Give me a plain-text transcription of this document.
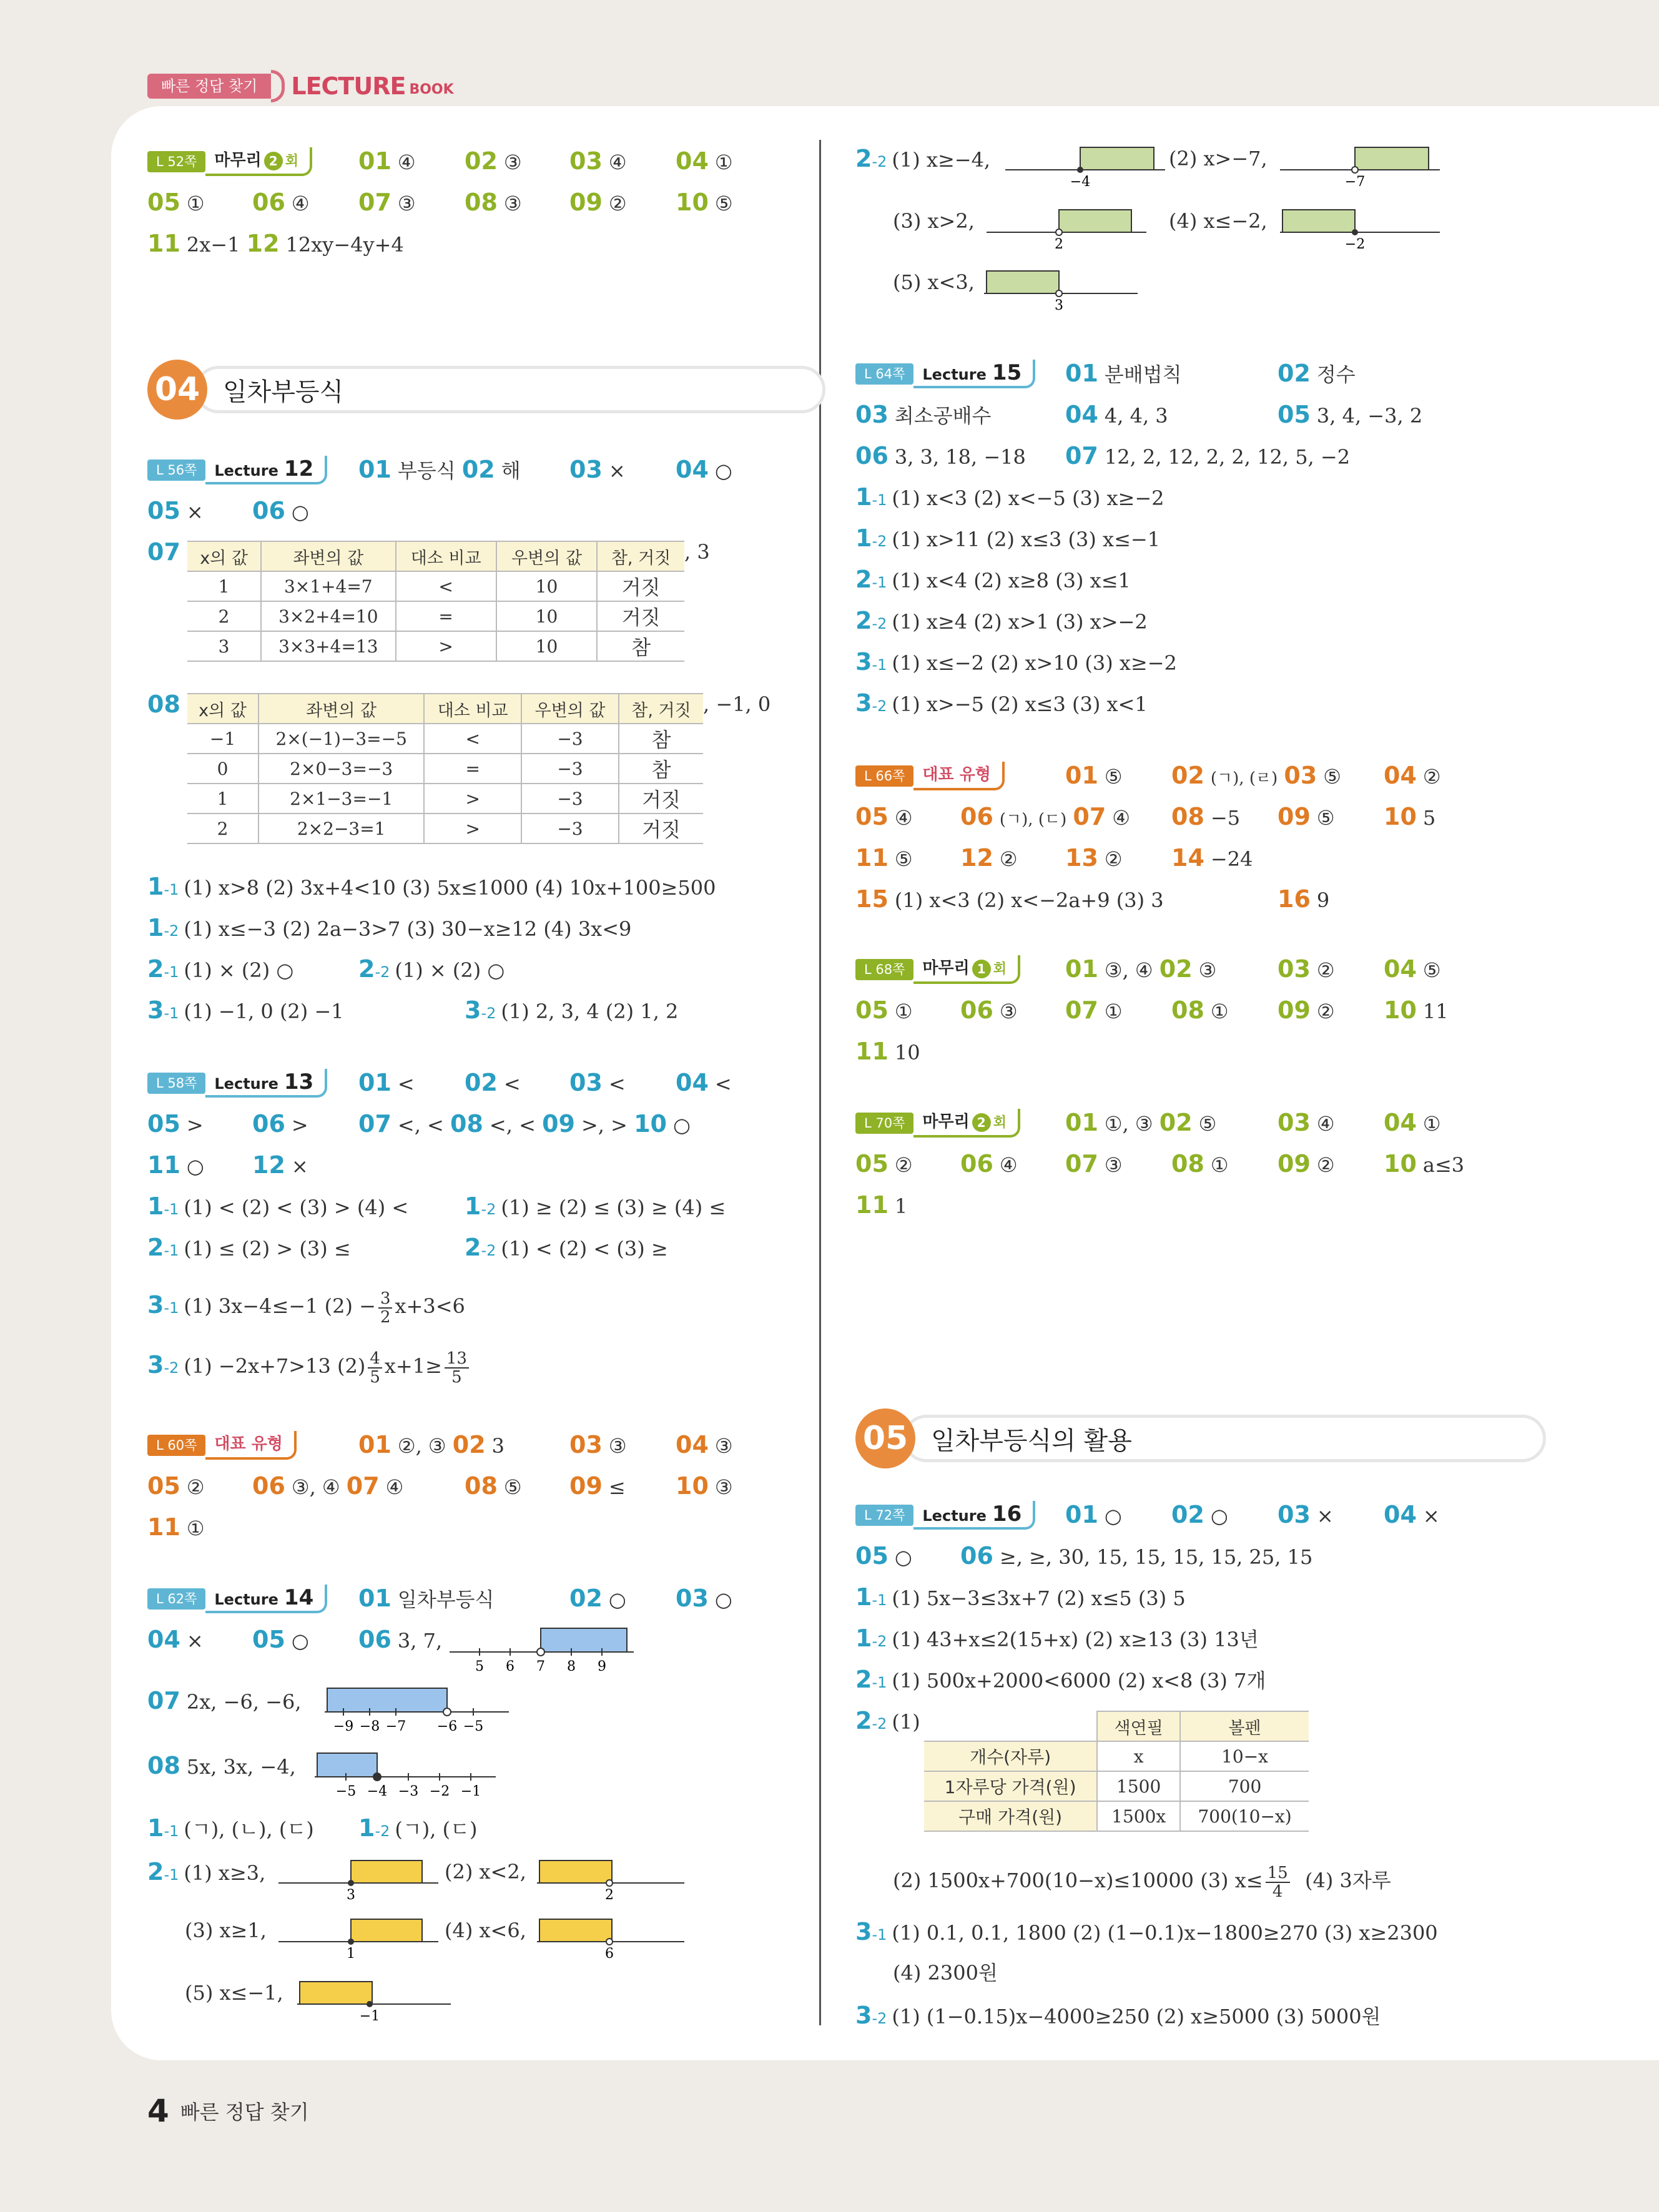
빠른 정답 찾기	LECTURE BOOK
L 52쪽	마무리 2 회	01 ④ 02 ③ 03 ④ 04 ①
05 ① 06 ④ 07 ③ 08 ③ 09 ② 10 ⑤
11 2x−1 12 12xy−4y+4
04 일차부등식
L 56쪽	Lecture 12	01 부등식 02 해 03 × 04 ○
05 × 06 ○
07	x의 값	좌변의 값	대소 비교	우변의 값	참, 거짓
1	3×1+4=7	<	10	거짓
2	3×2+4=10	=	10	거짓
3	3×3+4=13	>	10	참
, 3
08	x의 값	좌변의 값	대소 비교	우변의 값	참, 거짓
−1	2×(−1)−3=−5	<	−3	참
0	2×0−3=−3	=	−3	참
1	2×1−3=−1	>	−3	거짓
2	2×2−3=1	>	−3	거짓
, −1, 0
1-1 (1) x>8 (2) 3x+4<10 (3) 5x≤1000 (4) 10x+100≥500
1-2 (1) x≤−3 (2) 2a−3>7 (3) 30−x≥12 (4) 3x<9
2-1 (1) × (2) ○	2-2 (1) × (2) ○
3-1 (1) −1, 0 (2) −1	3-2 (1) 2, 3, 4 (2) 1, 2
L 58쪽	Lecture 13	01 < 02 < 03 < 04 <
05 > 06 > 07 <, < 08 <, < 09 >, > 10 ○
11 ○ 12 ×
1-1 (1) < (2) < (3) > (4) < 1-2 (1) ≥ (2) ≤ (3) ≥ (4) ≤
2-1 (1) ≤ (2) > (3) ≤	2-2 (1) < (2) < (3) ≥
3-1 (1) 3x−4≤−1 $(2) - \frac{3}{2} x+3<6$
3-2 (1) −2x+7>13 $(2) \frac{4}{5} x+1\ge \frac{13}{5}$
L 60쪽	대표 유형	01 ②, ③ 02 3	03 ③ 04 ③
05 ② 06 ③, ④ 07 ④	08 ⑤ 09 ≤ 10 ③
11 ①
L 62쪽	Lecture 14	01 일차부등식	02 ○ 03 ○
04 × 05 ○ 06 3, 7,
5 6 7 8 9
07 2x, −6, −6,
−9 −8 −7 −6 −5
08 5x, 3x, −4,
−5 −4 −3 −2 −1
1-1 (ㄱ), (ㄴ), (ㄷ) 1-2 (ㄱ), (ㄷ)
2-1 (1) x≥3,
3
(2) x<2,
2
(3) x≥1,
1
(4) x<6,
6
(5) x≤−1,
−1
2-2 (1) x≥−4,
−4
(2) x>−7,
−7
(3) x>2,
2
(4) x≤−2,
−2
(5) x<3,
3
L 64쪽	Lecture 15	01 분배법칙	02 정수
03 최소공배수	04 4, 4, 3	05 3, 4, −3, 2
06 3, 3, 18, −18 07 12, 2, 12, 2, 2, 12, 5, −2
1-1 (1) x<3 (2) x<−5 (3) x≥−2
1-2 (1) x>11 (2) x≤3 (3) x≤−1
2-1 (1) x<4 (2) x≥8 (3) x≤1
2-2 (1) x≥4 (2) x>1 (3) x>−2
3-1 (1) x≤−2 (2) x>10 (3) x≥−2
3-2 (1) x>−5 (2) x≤3 (3) x<1
L 66쪽	대표 유형	01 ⑤ 02 (ㄱ), (ㄹ) 03 ⑤ 04 ②
05 ④ 06 (ㄱ), (ㄷ) 07 ④ 08 −5 09 ⑤ 10 5
11 ⑤ 12 ② 13 ② 14 −24
15 (1) x<3 (2) x<−2a+9 (3) 3	16 9
L 68쪽	마무리 1 회	01 ③, ④ 02 ③	03 ② 04 ⑤
05 ① 06 ③ 07 ① 08 ① 09 ② 10 11
11 10
L 70쪽	마무리 2 회	01 ①, ③ 02 ⑤	03 ④ 04 ①
05 ② 06 ④ 07 ③ 08 ① 09 ② 10 a≤3
11 1
05 일차부등식의 활용
L 72쪽	Lecture 16	01 ○ 02 ○ 03 × 04 ×
05 ○ 06 ≥, ≥, 30, 15, 15, 15, 15, 25, 15
1-1 (1) 5x−3≤3x+7 (2) x≤5 (3) 5
1-2 (1) 43+x≤2(15+x) (2) x≥13 (3) 13년
2-1 (1) 500x+2000<6000 (2) x<8 (3) 7개
2-2 (1)
		색연필	볼펜
개수(자루)	x	10−x
1자루당 가격(원)	1500	700
구매 가격(원)	1500x	700(10−x)
(2) 1500x+700(10−x)≤10000 (3) $x\le \frac{15}{4} (4)$ 3자루
3-1 (1) 0.1, 0.1, 1800 (2) (1−0.1)x−1800≥270 (3) x≥2300
(4) 2300원
3-2 (1) (1−0.15)x−4000≥250 (2) x≥5000 (3) 5000원
4 빠른 정답 찾기
